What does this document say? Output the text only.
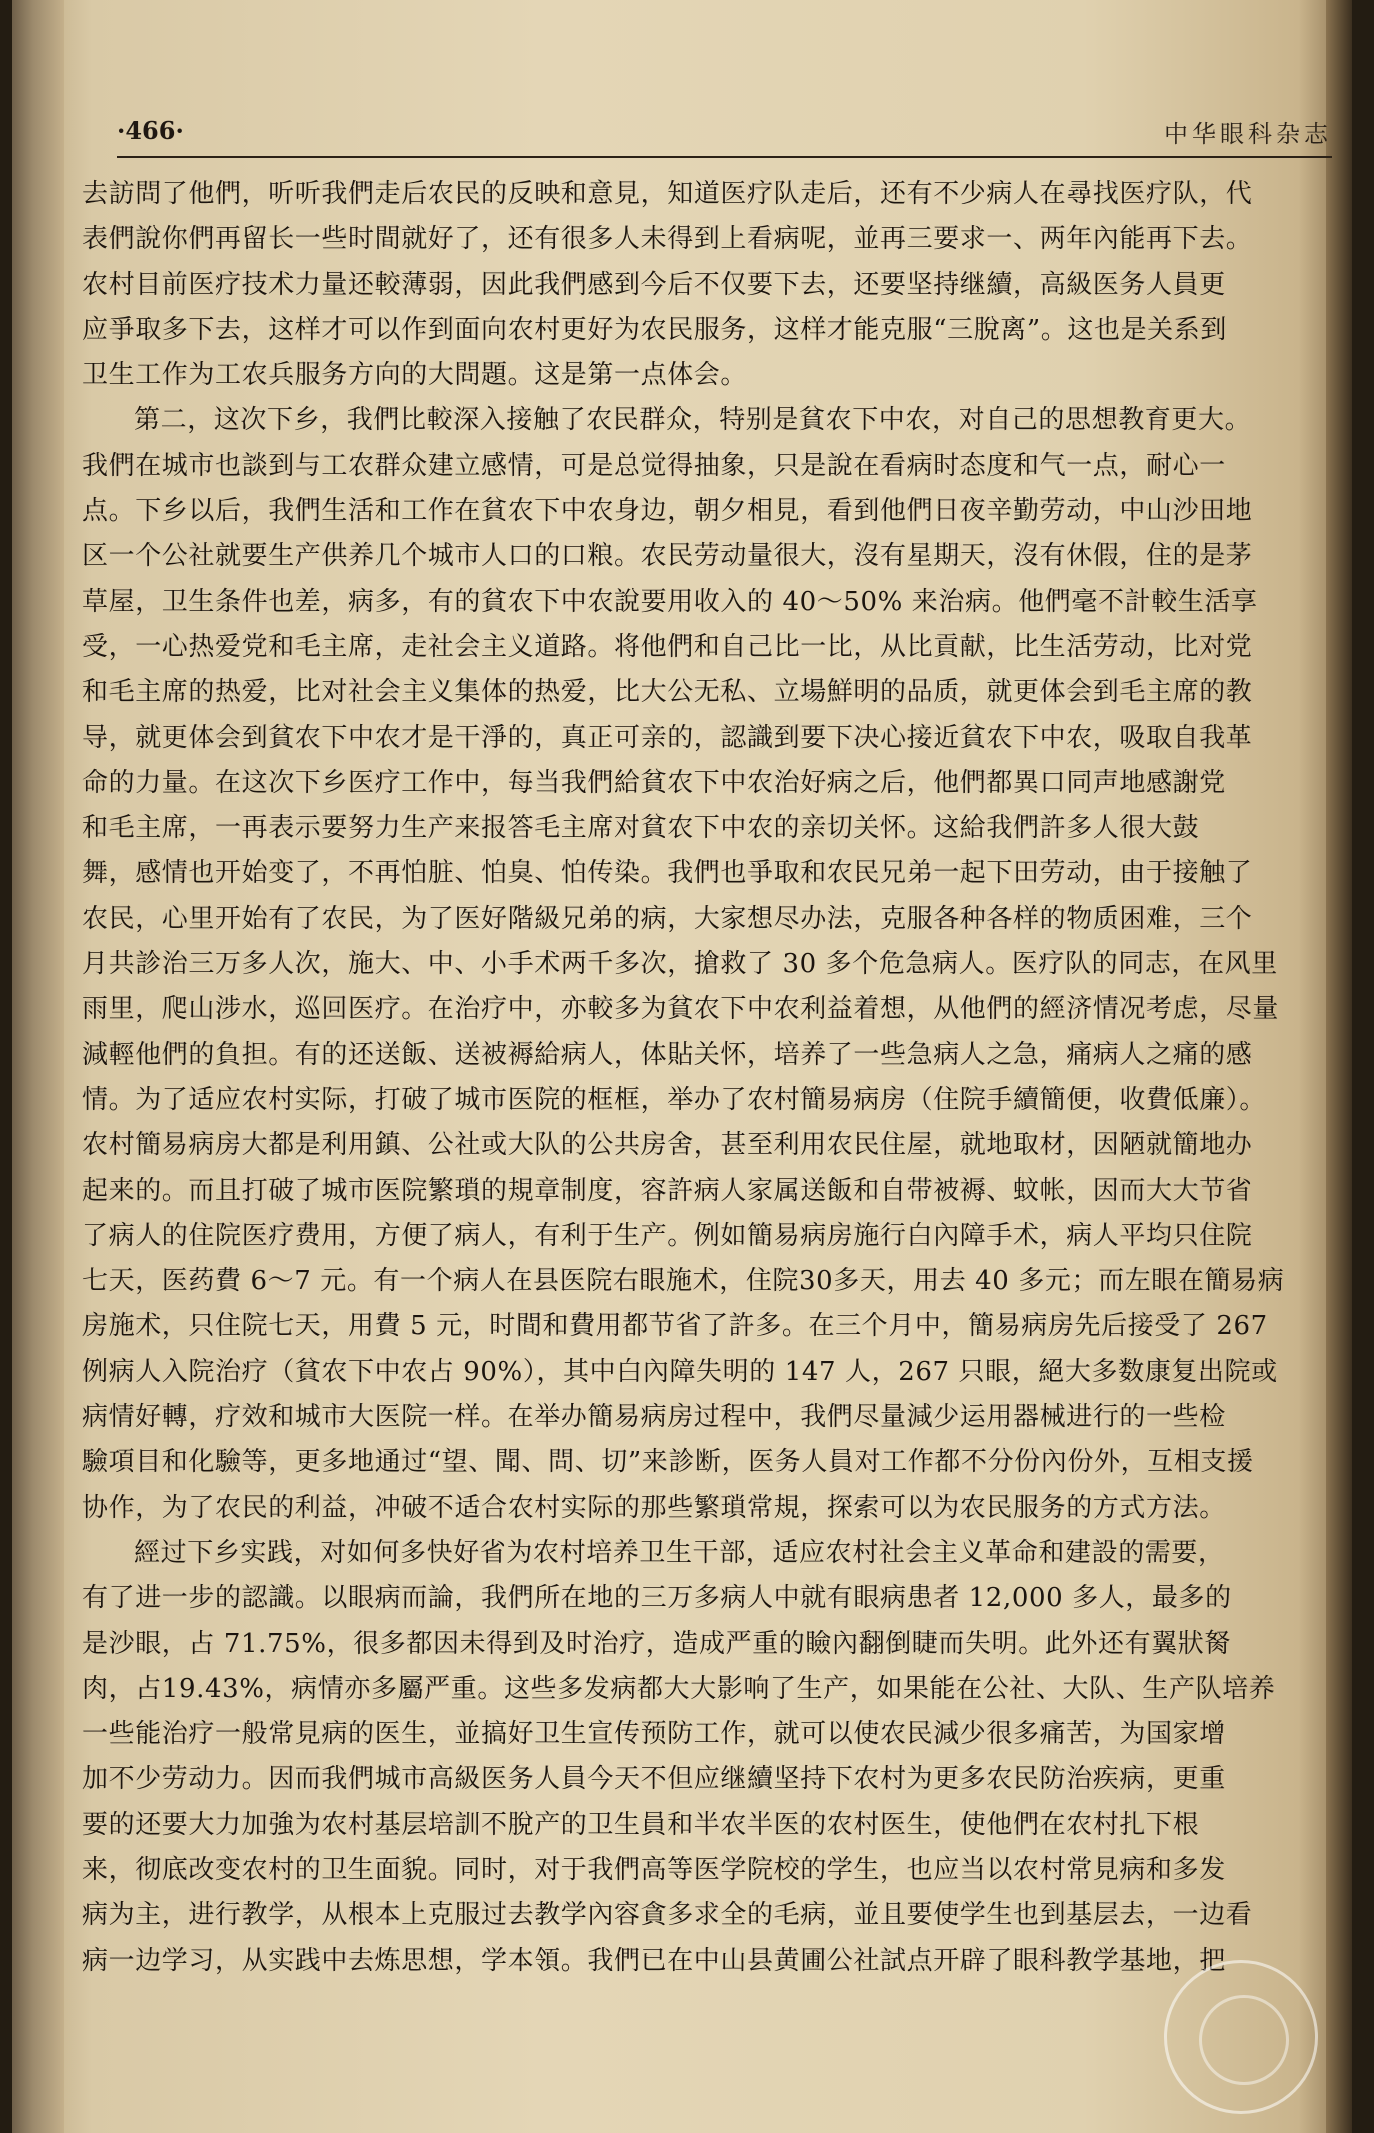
·466·	中华眼科杂志
去訪問了他們，听听我們走后农民的反映和意見，知道医疗队走后，还有不少病人在尋找医疗队，代
表們說你們再留长一些时間就好了，还有很多人未得到上看病呢，並再三要求一、两年內能再下去。
农村目前医疗技术力量还較薄弱，因此我們感到今后不仅要下去，还要坚持继續，高級医务人員更
应爭取多下去，这样才可以作到面向农村更好为农民服务，这样才能克服“三脫离”。这也是关系到
卫生工作为工农兵服务方向的大問題。这是第一点体会。
第二，这次下乡，我們比較深入接触了农民群众，特别是貧农下中农，对自己的思想教育更大。
我們在城市也談到与工农群众建立感情，可是总觉得抽象，只是說在看病时态度和气一点，耐心一
点。下乡以后，我們生活和工作在貧农下中农身边，朝夕相見，看到他們日夜辛勤劳动，中山沙田地
区一个公社就要生产供养几个城市人口的口粮。农民劳动量很大，沒有星期天，沒有休假，住的是茅
草屋，卫生条件也差，病多，有的貧农下中农說要用收入的 40～50% 来治病。他們毫不計較生活享
受，一心热爱党和毛主席，走社会主义道路。将他們和自己比一比，从比貢献，比生活劳动，比对党
和毛主席的热爱，比对社会主义集体的热爱，比大公无私、立場鮮明的品质，就更体会到毛主席的教
导，就更体会到貧农下中农才是干淨的，真正可亲的，認識到要下决心接近貧农下中农，吸取自我革
命的力量。在这次下乡医疗工作中，每当我們給貧农下中农治好病之后，他們都異口同声地感謝党
和毛主席，一再表示要努力生产来报答毛主席对貧农下中农的亲切关怀。这給我們許多人很大鼓
舞，感情也开始变了，不再怕脏、怕臭、怕传染。我們也爭取和农民兄弟一起下田劳动，由于接触了
农民，心里开始有了农民，为了医好階級兄弟的病，大家想尽办法，克服各种各样的物质困难，三个
月共診治三万多人次，施大、中、小手术两千多次，搶救了 30 多个危急病人。医疗队的同志，在风里
雨里，爬山涉水，巡回医疗。在治疗中，亦較多为貧农下中农利益着想，从他們的經济情况考虑，尽量
減輕他們的負担。有的还送飯、送被褥給病人，体貼关怀，培养了一些急病人之急，痛病人之痛的感
情。为了适应农村实际，打破了城市医院的框框，举办了农村簡易病房（住院手續簡便，收費低廉）。
农村簡易病房大都是利用鎮、公社或大队的公共房舍，甚至利用农民住屋，就地取材，因陋就簡地办
起来的。而且打破了城市医院繁瑣的規章制度，容許病人家属送飯和自带被褥、蚊帐，因而大大节省
了病人的住院医疗费用，方便了病人，有利于生产。例如簡易病房施行白內障手术，病人平均只住院
七天，医药費 6～7 元。有一个病人在县医院右眼施术，住院30多天，用去 40 多元；而左眼在簡易病
房施术，只住院七天，用費 5 元，时間和費用都节省了許多。在三个月中，簡易病房先后接受了 267
例病人入院治疗（貧农下中农占 90%），其中白內障失明的 147 人，267 只眼，絕大多数康复出院或
病情好轉，疗效和城市大医院一样。在举办簡易病房过程中，我們尽量減少运用器械进行的一些检
驗項目和化驗等，更多地通过“望、聞、問、切”来診断，医务人員对工作都不分份內份外，互相支援
协作，为了农民的利益，冲破不适合农村实际的那些繁瑣常規，探索可以为农民服务的方式方法。
經过下乡实践，对如何多快好省为农村培养卫生干部，适应农村社会主义革命和建設的需要，
有了进一步的認識。以眼病而論，我們所在地的三万多病人中就有眼病患者 12,000 多人，最多的
是沙眼，占 71.75%，很多都因未得到及时治疗，造成严重的瞼內翻倒睫而失明。此外还有翼狀胬
肉，占19.43%，病情亦多屬严重。这些多发病都大大影响了生产，如果能在公社、大队、生产队培养
一些能治疗一般常見病的医生，並搞好卫生宣传预防工作，就可以使农民減少很多痛苦，为国家增
加不少劳动力。因而我們城市高級医务人員今天不但应继續坚持下农村为更多农民防治疾病，更重
要的还要大力加強为农村基层培訓不脫产的卫生員和半农半医的农村医生，使他們在农村扎下根
来，彻底改变农村的卫生面貌。同时，对于我們高等医学院校的学生，也应当以农村常見病和多发
病为主，进行教学，从根本上克服过去教学內容貪多求全的毛病，並且要使学生也到基层去，一边看
病一边学习，从实践中去炼思想，学本領。我們已在中山县黄圃公社試点开辟了眼科教学基地，把
